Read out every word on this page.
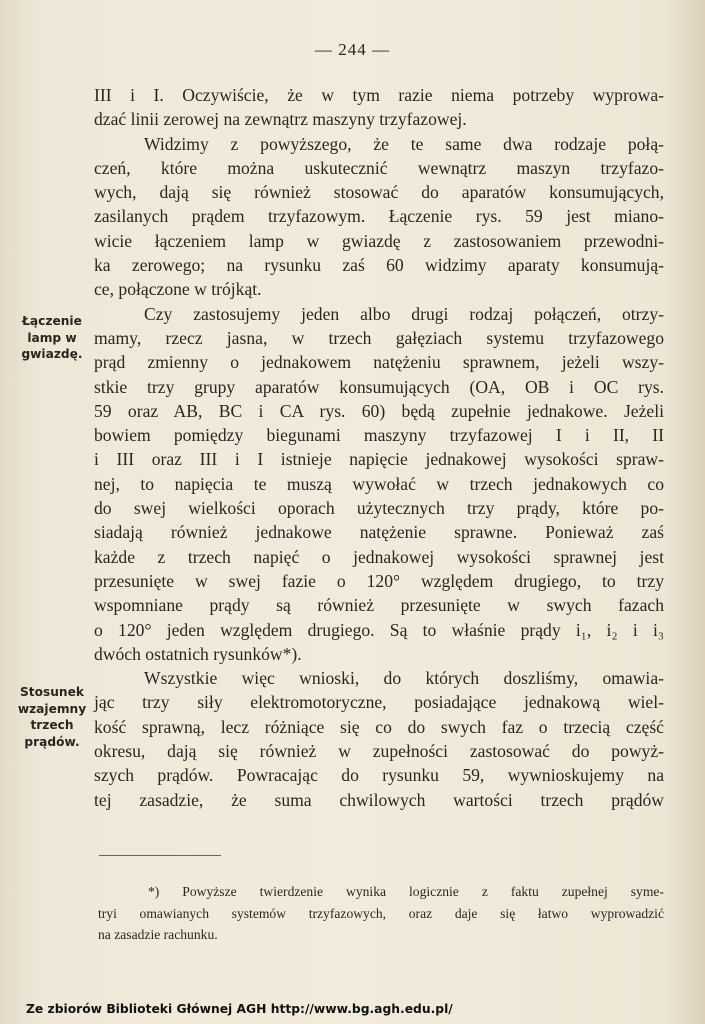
— 244 —
III i I. Oczywiście, że w tym razie niema potrzeby wyprowa-
dzać linii zerowej na zewnątrz maszyny trzyfazowej.
Widzimy z powyższego, że te same dwa rodzaje połą-
czeń, które można uskutecznić wewnątrz maszyn trzyfazo-
wych, dają się również stosować do aparatów konsumujących,
zasilanych prądem trzyfazowym. Łączenie rys. 59 jest miano-
wicie łączeniem lamp w gwiazdę z zastosowaniem przewodni-
ka zerowego; na rysunku zaś 60 widzimy aparaty konsumują-
ce, połączone w trójkąt.
Czy zastosujemy jeden albo drugi rodzaj połączeń, otrzy-
mamy, rzecz jasna, w trzech gałęziach systemu trzyfazowego
prąd zmienny o jednakowem natężeniu sprawnem, jeżeli wszy-
stkie trzy grupy aparatów konsumujących (OA, OB i OC rys.
59 oraz AB, BC i CA rys. 60) będą zupełnie jednakowe. Jeżeli
bowiem pomiędzy biegunami maszyny trzyfazowej I i II, II
i III oraz III i I istnieje napięcie jednakowej wysokości spraw-
nej, to napięcia te muszą wywołać w trzech jednakowych co
do swej wielkości oporach użytecznych trzy prądy, które po-
siadają również jednakowe natężenie sprawne. Ponieważ zaś
każde z trzech napięć o jednakowej wysokości sprawnej jest
przesunięte w swej fazie o 120° względem drugiego, to trzy
wspomniane prądy są również przesunięte w swych fazach
o 120° jeden względem drugiego. Są to właśnie prądy i₁, i₂ i i₃
dwóch ostatnich rysunków*).
Wszystkie więc wnioski, do których doszliśmy, omawia-
jąc trzy siły elektromotoryczne, posiadające jednakową wiel-
kość sprawną, lecz różniące się co do swych faz o trzecią część
okresu, dają się również w zupełności zastosować do powyż-
szych prądów. Powracając do rysunku 59, wywnioskujemy na
tej zasadzie, że suma chwilowych wartości trzech prądów
Łączenie
lamp w
gwiazdę.
Stosunek
wzajemny
trzech
prądów.
*) Powyższe twierdzenie wynika logicznie z faktu zupełnej syme-
tryi omawianych systemów trzyfazowych, oraz daje się łatwo wyprowadzić
na zasadzie rachunku.
Ze zbiorów Biblioteki Głównej AGH http://www.bg.agh.edu.pl/
